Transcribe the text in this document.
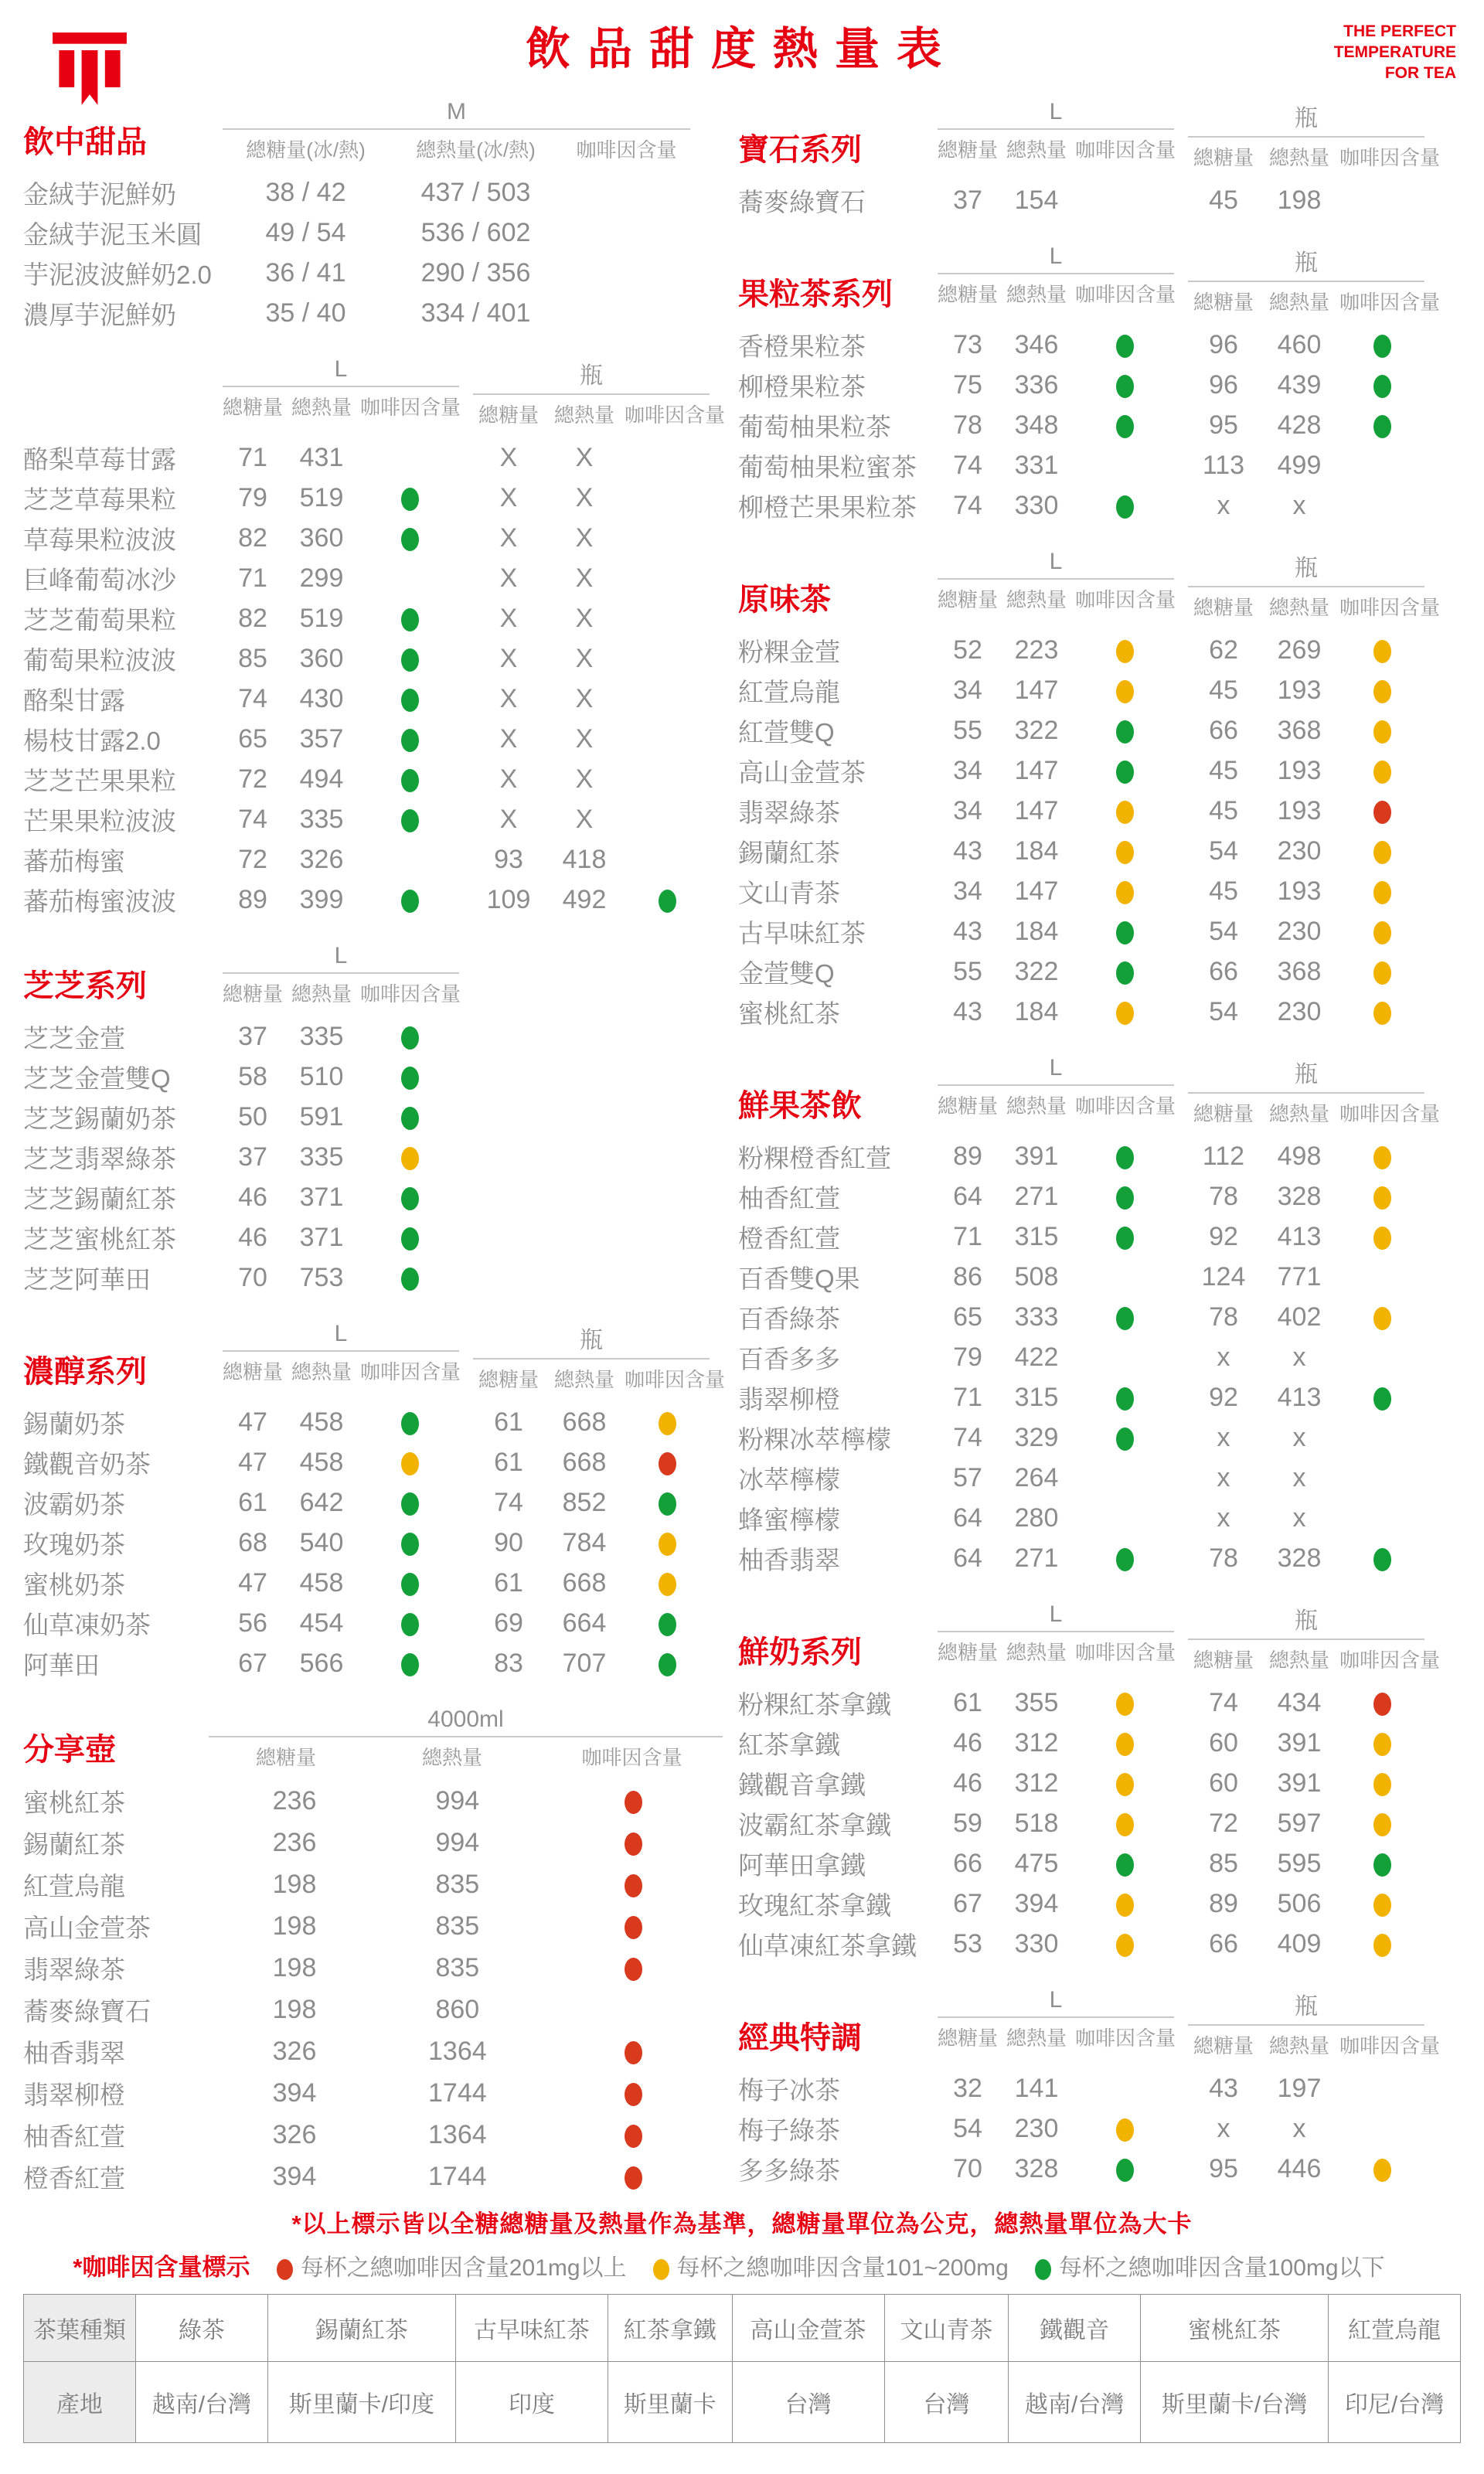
飲品甜度熱量表	THE PERFECT
TEMPERATURE
FOR TEA
飲中甜品
M
總糖量(冰/熱)	總熱量(冰/熱)	咖啡因含量
金絨芋泥鮮奶	38 / 42	437 / 503
金絨芋泥玉米圓	49 / 54	536 / 602
芋泥波波鮮奶2.0	36 / 41	290 / 356
濃厚芋泥鮮奶	35 / 40	334 / 401
L
總糖量 總熱量 咖啡因含量
瓶
總糖量 總熱量 咖啡因含量
酪梨草莓甘露	71	431	X	X
芝芝草莓果粒	79	519	X	X
草莓果粒波波	82	360	X	X
巨峰葡萄冰沙	71	299	X	X
芝芝葡萄果粒	82	519	X	X
葡萄果粒波波	85	360	X	X
酪梨甘露	74	430	X	X
楊枝甘露2.0	65	357	X	X
芝芝芒果果粒	72	494	X	X
芒果果粒波波	74	335	X	X
蕃茄梅蜜	72	326	93	418
蕃茄梅蜜波波	89	399	109	492
芝芝系列
L
總糖量 總熱量 咖啡因含量
芝芝金萱	37	335
芝芝金萱雙Q	58	510
芝芝錫蘭奶茶	50	591
芝芝翡翠綠茶	37	335
芝芝錫蘭紅茶	46	371
芝芝蜜桃紅茶	46	371
芝芝阿華田	70	753
濃醇系列
L
總糖量 總熱量 咖啡因含量
瓶
總糖量 總熱量 咖啡因含量
錫蘭奶茶	47	458	61	668
鐵觀音奶茶	47	458	61	668
波霸奶茶	61	642	74	852
玫瑰奶茶	68	540	90	784
蜜桃奶茶	47	458	61	668
仙草凍奶茶	56	454	69	664
阿華田	67	566	83	707
分享壺
4000ml
總糖量	總熱量	咖啡因含量
蜜桃紅茶	236	994
錫蘭紅茶	236	994
紅萱烏龍	198	835
高山金萱茶	198	835
翡翠綠茶	198	835
蕎麥綠寶石	198	860
柚香翡翠	326	1364
翡翠柳橙	394	1744
柚香紅萱	326	1364
橙香紅萱	394	1744
寶石系列
L
總糖量 總熱量 咖啡因含量
瓶
總糖量 總熱量 咖啡因含量
蕎麥綠寶石	37	154	45	198
果粒茶系列
L
總糖量 總熱量 咖啡因含量
瓶
總糖量 總熱量 咖啡因含量
香橙果粒茶	73	346	96	460
柳橙果粒茶	75	336	96	439
葡萄柚果粒茶	78	348	95	428
葡萄柚果粒蜜茶	74	331	113	499
柳橙芒果果粒茶	74	330	x	x
原味茶
L
總糖量 總熱量 咖啡因含量
瓶
總糖量 總熱量 咖啡因含量
粉粿金萱	52	223	62	269
紅萱烏龍	34	147	45	193
紅萱雙Q	55	322	66	368
高山金萱茶	34	147	45	193
翡翠綠茶	34	147	45	193
錫蘭紅茶	43	184	54	230
文山青茶	34	147	45	193
古早味紅茶	43	184	54	230
金萱雙Q	55	322	66	368
蜜桃紅茶	43	184	54	230
鮮果茶飲
L
總糖量 總熱量 咖啡因含量
瓶
總糖量 總熱量 咖啡因含量
粉粿橙香紅萱	89	391	112	498
柚香紅萱	64	271	78	328
橙香紅萱	71	315	92	413
百香雙Q果	86	508	124	771
百香綠茶	65	333	78	402
百香多多	79	422	x	x
翡翠柳橙	71	315	92	413
粉粿冰萃檸檬	74	329	x	x
冰萃檸檬	57	264	x	x
蜂蜜檸檬	64	280	x	x
柚香翡翠	64	271	78	328
鮮奶系列
L
總糖量 總熱量 咖啡因含量
瓶
總糖量 總熱量 咖啡因含量
粉粿紅茶拿鐵	61	355	74	434
紅茶拿鐵	46	312	60	391
鐵觀音拿鐵	46	312	60	391
波霸紅茶拿鐵	59	518	72	597
阿華田拿鐵	66	475	85	595
玫瑰紅茶拿鐵	67	394	89	506
仙草凍紅茶拿鐵	53	330	66	409
經典特調
L
總糖量 總熱量 咖啡因含量
瓶
總糖量 總熱量 咖啡因含量
梅子冰茶	32	141	43	197
梅子綠茶	54	230	x	x
多多綠茶	70	328	95	446
*以上標示皆以全糖總糖量及熱量作為基準，總糖量單位為公克，總熱量單位為大卡
*咖啡因含量標示 每杯之總咖啡因含量201mg以上 每杯之總咖啡因含量101~200mg 每杯之總咖啡因含量100mg以下
茶葉種類	綠茶	錫蘭紅茶	古早味紅茶	紅茶拿鐵	高山金萱茶	文山青茶	鐵觀音	蜜桃紅茶	紅萱烏龍
產地	越南/台灣	斯里蘭卡/印度	印度	斯里蘭卡	台灣	台灣	越南/台灣	斯里蘭卡/台灣	印尼/台灣
